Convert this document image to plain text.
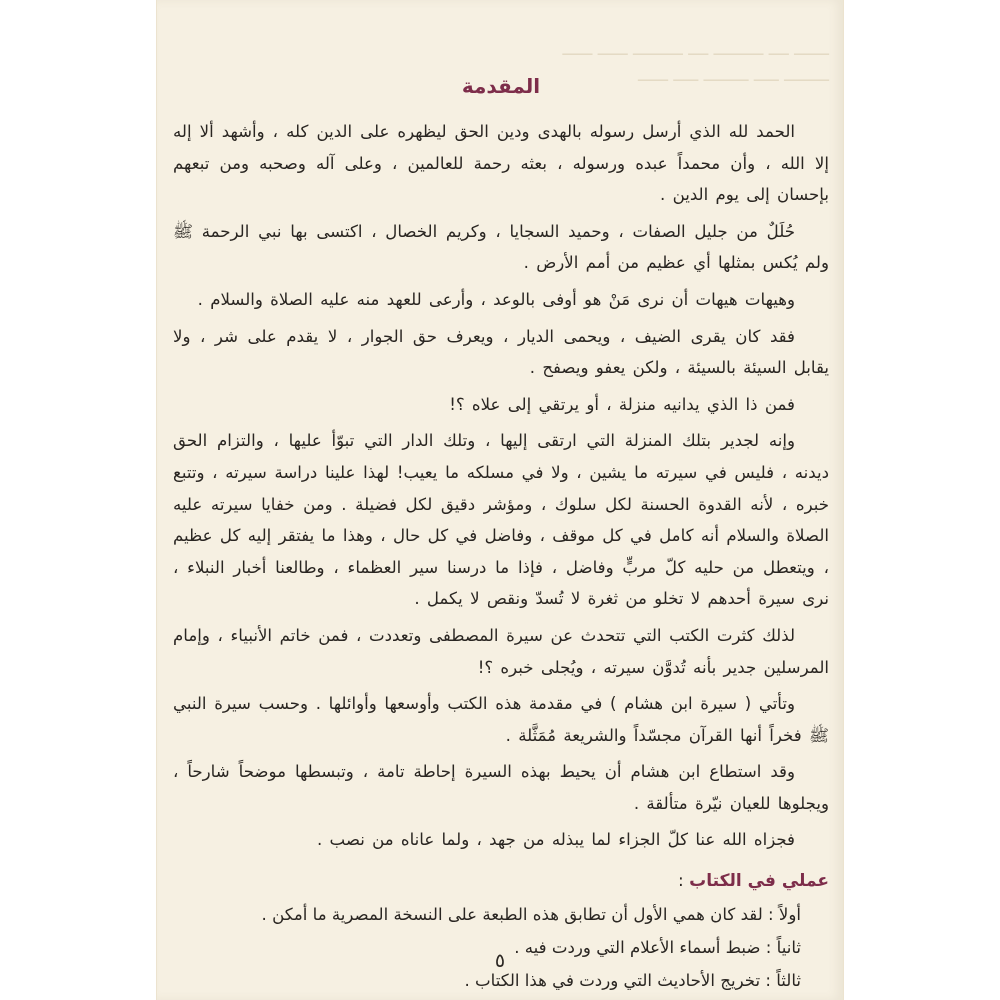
ـــــــ ــــ ــــــــــ ــــ ــــــــــ ــــــ ــــــ
ـــــــــ ـــــ ـــــــــ ـــــ ــــــ
المقدمة

الحمد لله الذي أرسل رسوله بالهدى ودين الحق ليظهره على الدين كله ، وأشهد ألا إله إلا الله ، وأن محمداً عبده ورسوله ، بعثه رحمة للعالمين ، وعلى آله وصحبه ومن تبعهم بإحسان إلى يوم الدين .

حُلَلٌ من جليل الصفات ، وحميد السجايا ، وكريم الخصال ، اكتسى بها نبي الرحمة ﷺ ولم يُكس بمثلها أي عظيم من أمم الأرض .

وهيهات هيهات أن نرى مَنْ هو أوفى بالوعد ، وأرعى للعهد منه عليه الصلاة والسلام .

فقد كان يقرى الضيف ، ويحمى الديار ، ويعرف حق الجوار ، لا يقدم على شر ، ولا يقابل السيئة بالسيئة ، ولكن يعفو ويصفح .

فمن ذا الذي يدانيه منزلة ، أو يرتقي إلى علاه ؟!

وإنه لجدير بتلك المنزلة التي ارتقى إليها ، وتلك الدار التي تبوّأ عليها ، والتزام الحق ديدنه ، فليس في سيرته ما يشين ، ولا في مسلكه ما يعيب! لهذا علينا دراسة سيرته ، وتتبع خبره ، لأنه القدوة الحسنة لكل سلوك ، ومؤشر دقيق لكل فضيلة . ومن خفايا سيرته عليه الصلاة والسلام أنه كامل في كل موقف ، وفاضل في كل حال ، وهذا ما يفتقر إليه كل عظيم ، ويتعطل من حليه كلّ مربٍّ وفاضل ، فإذا ما درسنا سير العظماء ، وطالعنا أخبار النبلاء ، نرى سيرة أحدهم لا تخلو من ثغرة لا تُسدّ ونقص لا يكمل .

لذلك كثرت الكتب التي تتحدث عن سيرة المصطفى وتعددت ، فمن خاتم الأنبياء ، وإمام المرسلين جدير بأنه تُدوَّن سيرته ، ويُجلى خبره ؟!

وتأتي ( سيرة ابن هشام ) في مقدمة هذه الكتب وأوسعها وأوائلها . وحسب سيرة النبي ﷺ فخراً أنها القرآن مجسّداً والشريعة مُمَثَّلة .

وقد استطاع ابن هشام أن يحيط بهذه السيرة إحاطة تامة ، وتبسطها موضحاً شارحاً ، ويجلوها للعيان نيّرة متألقة .

فجزاه الله عنا كلّ الجزاء لما يبذله من جهد ، ولما عاناه من نصب .

عملي في الكتاب :

أولاً : لقد كان همي الأول أن تطابق هذه الطبعة على النسخة المصرية ما أمكن .

ثانياً : ضبط أسماء الأعلام التي وردت فيه .

ثالثاً : تخريج الأحاديث التي وردت في هذا الكتاب .

٥
